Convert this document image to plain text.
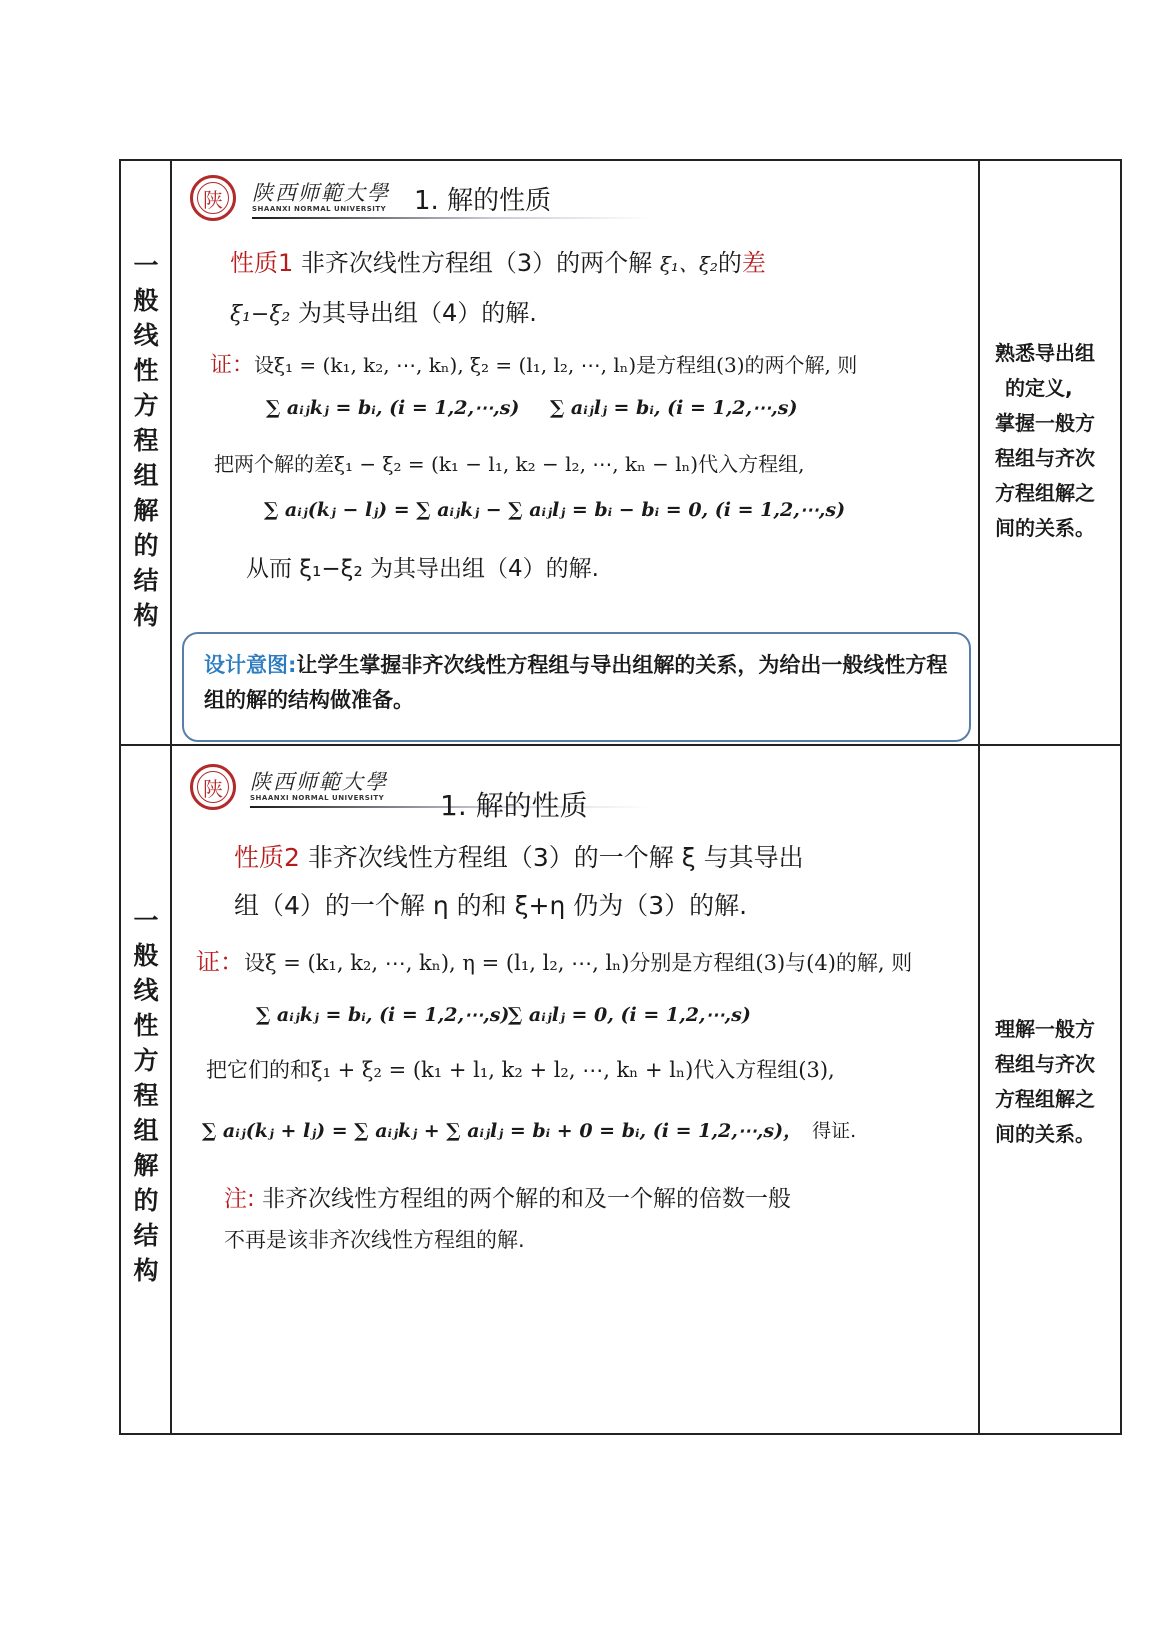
一
般
线
性
方
程
组
解
的
结
构
陕 陕西师範大學
SHAANXI NORMAL UNIVERSITY 1. 解的性质
性质1 非齐次线性方程组（3）的两个解 ξ₁、ξ₂的差
ξ₁−ξ₂ 为其导出组（4）的解.
证：设ξ₁ = (k₁, k₂, ⋯, kₙ), ξ₂ = (l₁, l₂, ⋯, lₙ)是方程组(3)的两个解, 则
∑ aᵢⱼkⱼ = bᵢ, (i = 1,2,⋯,s) ∑ aᵢⱼlⱼ = bᵢ, (i = 1,2,⋯,s)
把两个解的差ξ₁ − ξ₂ = (k₁ − l₁, k₂ − l₂, ⋯, kₙ − lₙ)代入方程组,
∑ aᵢⱼ(kⱼ − lⱼ) = ∑ aᵢⱼkⱼ − ∑ aᵢⱼlⱼ = bᵢ − bᵢ = 0, (i = 1,2,⋯,s)
从而 ξ₁−ξ₂ 为其导出组（4）的解.
设计意图:让学生掌握非齐次线性方程组与导出组解的关系，为给出一般线性方程组的解的结构做准备。
熟悉导出组
的定义,
掌握一般方
程组与齐次
方程组解之
间的关系。
一
般
线
性
方
程
组
解
的
结
构
陕 陕西师範大學
SHAANXI NORMAL UNIVERSITY 1. 解的性质
性质2 非齐次线性方程组（3）的一个解 ξ 与其导出
组（4）的一个解 η 的和 ξ+η 仍为（3）的解.
证：设ξ = (k₁, k₂, ⋯, kₙ), η = (l₁, l₂, ⋯, lₙ)分别是方程组(3)与(4)的解, 则
∑ aᵢⱼkⱼ = bᵢ, (i = 1,2,⋯,s)
∑ aᵢⱼlⱼ = 0, (i = 1,2,⋯,s)
把它们的和ξ₁ + ξ₂ = (k₁ + l₁, k₂ + l₂, ⋯, kₙ + lₙ)代入方程组(3),
∑ aᵢⱼ(kⱼ + lⱼ) = ∑ aᵢⱼkⱼ + ∑ aᵢⱼlⱼ = bᵢ + 0 = bᵢ, (i = 1,2,⋯,s)， 得证.
注: 非齐次线性方程组的两个解的和及一个解的倍数一般
不再是该非齐次线性方程组的解.
理解一般方
程组与齐次
方程组解之
间的关系。
